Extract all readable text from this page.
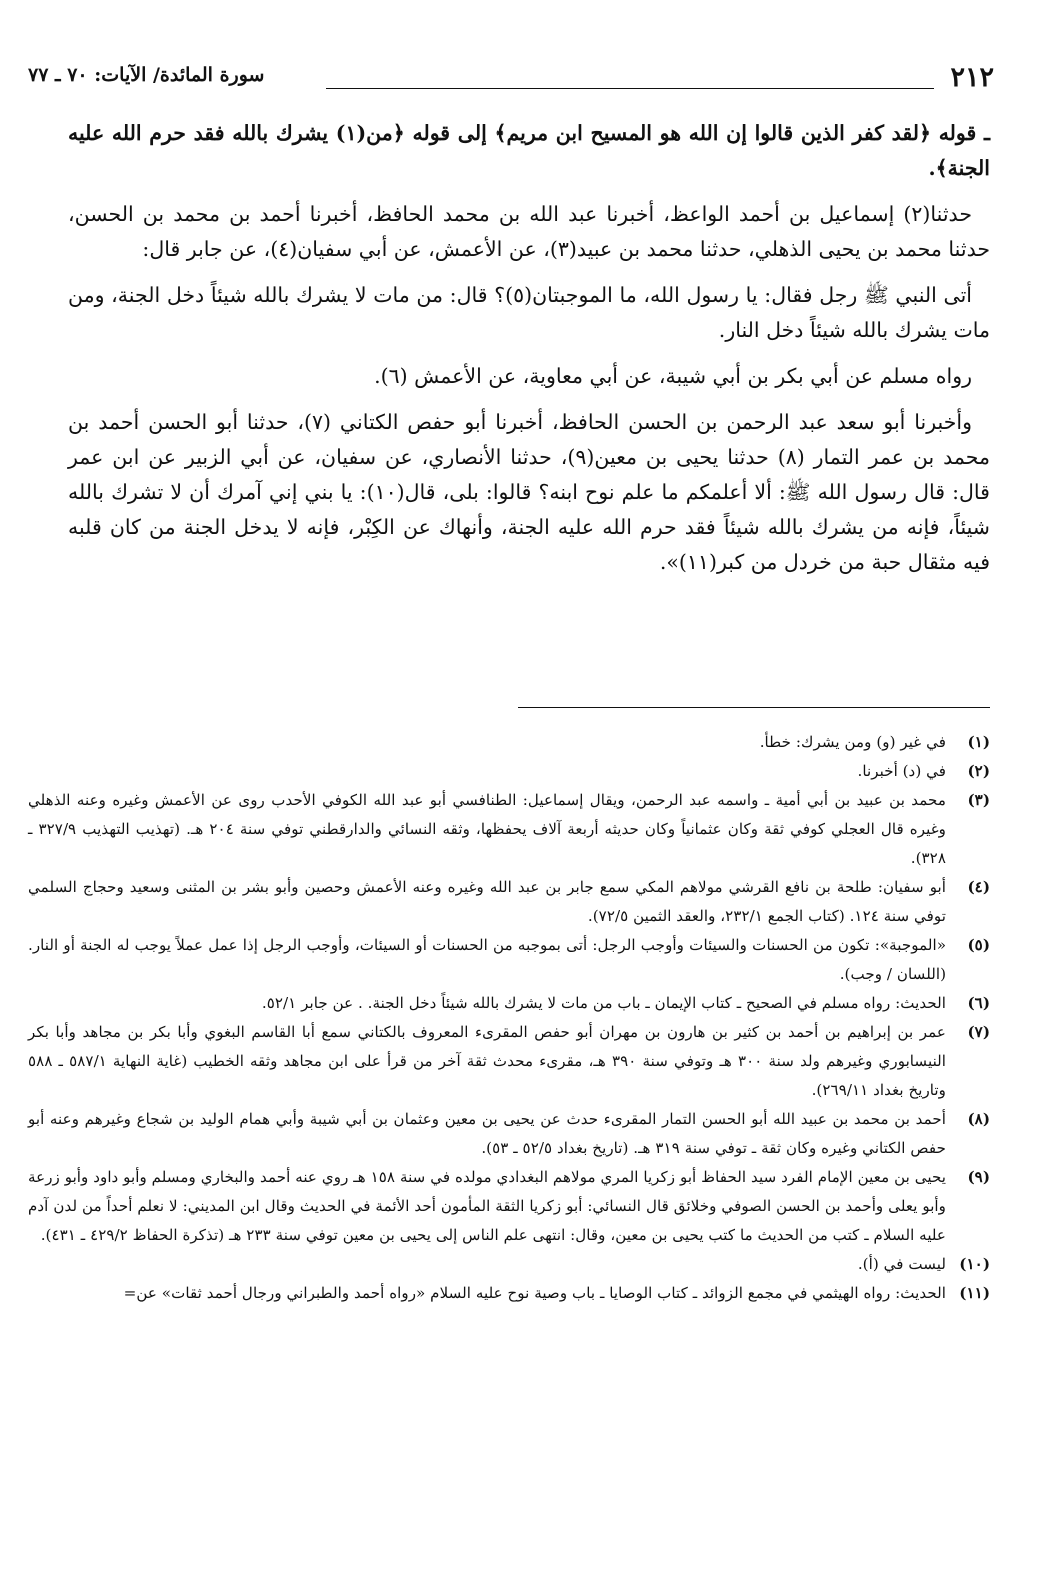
٢١٢
سورة المائدة/ الآيات: ٧٠ ـ ٧٧

ـ قوله ﴿لقد كفر الذين قالوا إن الله هو المسيح ابن مريم﴾ إلى قوله ﴿من(١) يشرك بالله فقد حرم الله عليه الجنة﴾.

حدثنا(٢) إسماعيل بن أحمد الواعظ، أخبرنا عبد الله بن محمد الحافظ، أخبرنا أحمد بن محمد بن الحسن، حدثنا محمد بن يحيى الذهلي، حدثنا محمد بن عبيد(٣)، عن الأعمش، عن أبي سفيان(٤)، عن جابر قال:

أتى النبي ﷺ رجل فقال: يا رسول الله، ما الموجبتان(٥)؟ قال: من مات لا يشرك بالله شيئاً دخل الجنة، ومن مات يشرك بالله شيئاً دخل النار.

رواه مسلم عن أبي بكر بن أبي شيبة، عن أبي معاوية، عن الأعمش (٦).

وأخبرنا أبو سعد عبد الرحمن بن الحسن الحافظ، أخبرنا أبو حفص الكتاني (٧)، حدثنا أبو الحسن أحمد بن محمد بن عمر التمار (٨) حدثنا يحيى بن معين(٩)، حدثنا الأنصاري، عن سفيان، عن أبي الزبير عن ابن عمر قال: قال رسول الله ﷺ: ألا أعلمكم ما علم نوح ابنه؟ قالوا: بلى، قال(١٠): يا بني إني آمرك أن لا تشرك بالله شيئاً، فإنه من يشرك بالله شيئاً فقد حرم الله عليه الجنة، وأنهاك عن الكِبْر، فإنه لا يدخل الجنة من كان قلبه فيه مثقال حبة من خردل من كبر(١١)».

(١)
في غير (و) ومن يشرك: خطأ.
(٢)
في (د) أخبرنا.
(٣)
محمد بن عبيد بن أبي أمية ـ واسمه عبد الرحمن، ويقال إسماعيل: الطنافسي أبو عبد الله الكوفي الأحدب روى عن الأعمش وغيره وعنه الذهلي وغيره قال العجلي كوفي ثقة وكان عثمانياً وكان حديثه أربعة آلاف يحفظها، وثقه النسائي والدارقطني توفي سنة ٢٠٤ هـ. (تهذيب التهذيب ٣٢٧/٩ ـ ٣٢٨).
(٤)
أبو سفيان: طلحة بن نافع القرشي مولاهم المكي سمع جابر بن عبد الله وغيره وعنه الأعمش وحصين وأبو بشر بن المثنى وسعيد وحجاج السلمي توفي سنة ١٢٤. (كتاب الجمع ٢٣٢/١، والعقد الثمين ٧٢/٥).
(٥)
«الموجبة»: تكون من الحسنات والسيئات وأوجب الرجل: أتى بموجبه من الحسنات أو السيئات، وأوجب الرجل إذا عمل عملاً يوجب له الجنة أو النار. (اللسان / وجب).
(٦)
الحديث: رواه مسلم في الصحيح ـ كتاب الإيمان ـ باب من مات لا يشرك بالله شيئاً دخل الجنة. . عن جابر ٥٢/١.
(٧)
عمر بن إبراهيم بن أحمد بن كثير بن هارون بن مهران أبو حفص المقرىء المعروف بالكتاني سمع أبا القاسم البغوي وأبا بكر بن مجاهد وأبا بكر النيسابوري وغيرهم ولد سنة ٣٠٠ هـ وتوفي سنة ٣٩٠ هـ، مقرىء محدث ثقة آخر من قرأ على ابن مجاهد وثقه الخطيب (غاية النهاية ٥٨٧/١ ـ ٥٨٨ وتاريخ بغداد ٢٦٩/١١).
(٨)
أحمد بن محمد بن عبيد الله أبو الحسن التمار المقرىء حدث عن يحيى بن معين وعثمان بن أبي شيبة وأبي همام الوليد بن شجاع وغيرهم وعنه أبو حفص الكتاني وغيره وكان ثقة ـ توفي سنة ٣١٩ هـ. (تاريخ بغداد ٥٢/٥ ـ ٥٣).
(٩)
يحيى بن معين الإمام الفرد سيد الحفاظ أبو زكريا المري مولاهم البغدادي مولده في سنة ١٥٨ هـ روي عنه أحمد والبخاري ومسلم وأبو داود وأبو زرعة وأبو يعلى وأحمد بن الحسن الصوفي وخلائق قال النسائي: أبو زكريا الثقة المأمون أحد الأئمة في الحديث وقال ابن المديني: لا نعلم أحداً من لدن آدم عليه السلام ـ كتب من الحديث ما كتب يحيى بن معين، وقال: انتهى علم الناس إلى يحيى بن معين توفي سنة ٢٣٣ هـ (تذكرة الحفاظ ٤٢٩/٢ ـ ٤٣١).
(١٠)
ليست في (أ).
(١١)
الحديث: رواه الهيثمي في مجمع الزوائد ـ كتاب الوصايا ـ باب وصية نوح عليه السلام «رواه أحمد والطبراني ورجال أحمد ثقات» عن=
